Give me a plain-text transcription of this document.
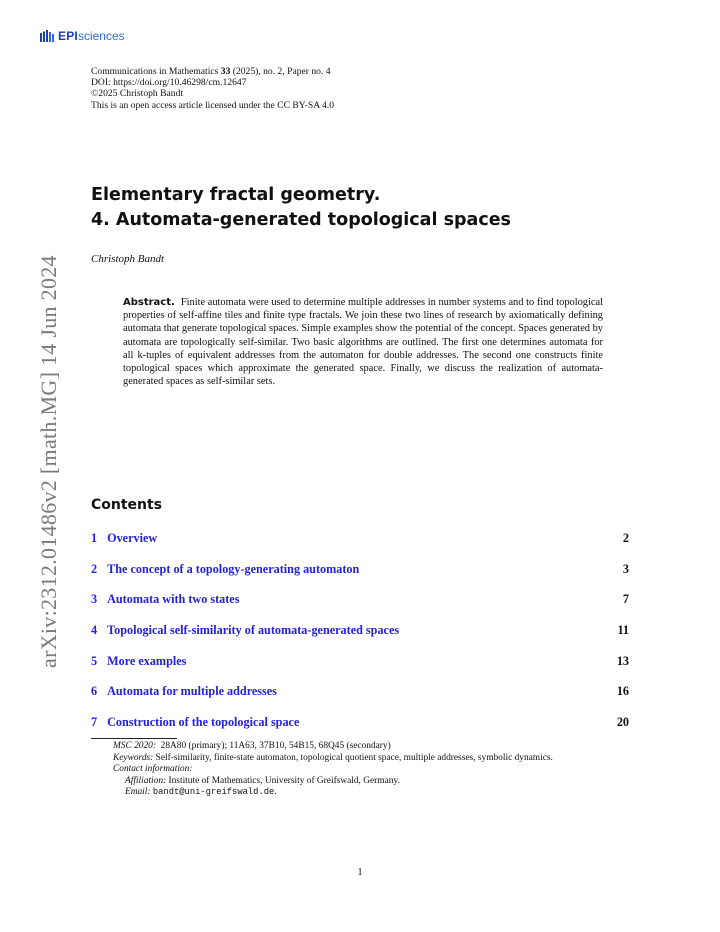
EPI sciences
Communications in Mathematics 33 (2025), no. 2, Paper no. 4
DOI: https://doi.org/10.46298/cm.12647
©2025 Christoph Bandt
This is an open access article licensed under the CC BY-SA 4.0
Elementary fractal geometry.
4. Automata-generated topological spaces
Christoph Bandt
Abstract. Finite automata were used to determine multiple addresses in number systems and to find topological properties of self-affine tiles and finite type fractals. We join these two lines of research by axiomatically defining automata that generate topological spaces. Simple examples show the potential of the concept. Spaces generated by automata are topologically self-similar. Two basic algorithms are outlined. The first one determines automata for all k-tuples of equivalent addresses from the automaton for double addresses. The second one constructs finite topological spaces which approximate the generated space. Finally, we discuss the realization of automata-generated spaces as self-similar sets.
Contents
1 Overview	2
2 The concept of a topology-generating automaton	3
3 Automata with two states	7
4 Topological self-similarity of automata-generated spaces	11
5 More examples	13
6 Automata for multiple addresses	16
7 Construction of the topological space	20
MSC 2020: 28A80 (primary); 11A63, 37B10, 54B15, 68Q45 (secondary)
Keywords: Self-similarity, finite-state automaton, topological quotient space, multiple addresses, symbolic dynamics.
Contact information:
Affiliation: Institute of Mathematics, University of Greifswald, Germany.
Email: bandt@uni-greifswald.de.
1
arXiv:2312.01486v2 [math.MG] 14 Jun 2024
